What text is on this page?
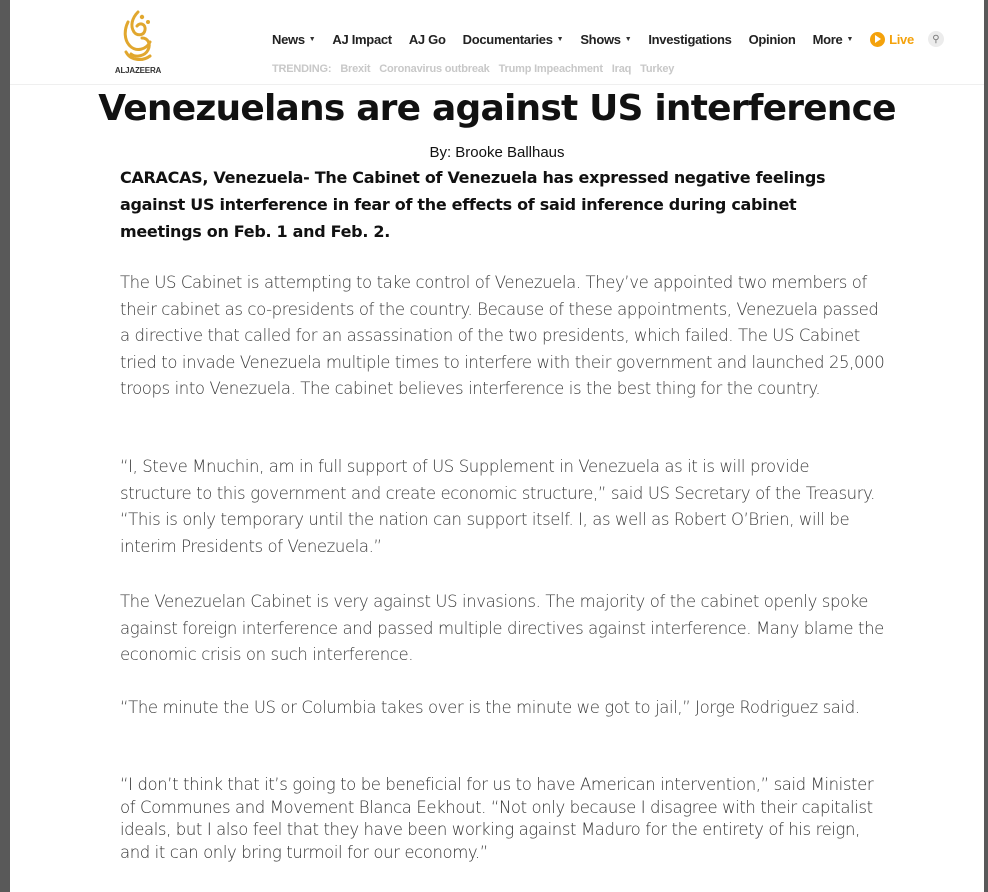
ALJAZEERA
News ▼ AJ Impact AJ Go Documentaries ▼ Shows ▼ Investigations Opinion More ▼	Live ⚲
TRENDING: Brexit Coronavirus outbreak Trump Impeachment Iraq Turkey
Venezuelans are against US interference
By: Brooke Ballhaus

CARACAS, Venezuela- The Cabinet of Venezuela has expressed negative feelings against US interference in fear of the effects of said inference during cabinet meetings on Feb. 1 and Feb. 2.

The US Cabinet is attempting to take control of Venezuela. They’ve appointed two members of their cabinet as co-presidents of the country. Because of these appointments, Venezuela passed a directive that called for an assassination of the two presidents, which failed. The US Cabinet tried to invade Venezuela multiple times to interfere with their government and launched 25,000 troops into Venezuela. The cabinet believes interference is the best thing for the country.

“I, Steve Mnuchin, am in full support of US Supplement in Venezuela as it is will provide structure to this government and create economic structure,” said US Secretary of the Treasury. “This is only temporary until the nation can support itself. I, as well as Robert O’Brien, will be interim Presidents of Venezuela.”

The Venezuelan Cabinet is very against US invasions. The majority of the cabinet openly spoke against foreign interference and passed multiple directives against interference. Many blame the economic crisis on such interference.

“The minute the US or Columbia takes over is the minute we got to jail,” Jorge Rodriguez said.

“I don’t think that it’s going to be beneficial for us to have American intervention,” said Minister of Communes and Movement Blanca Eekhout. “Not only because I disagree with their capitalist ideals, but I also feel that they have been working against Maduro for the entirety of his reign, and it can only bring turmoil for our economy.”
